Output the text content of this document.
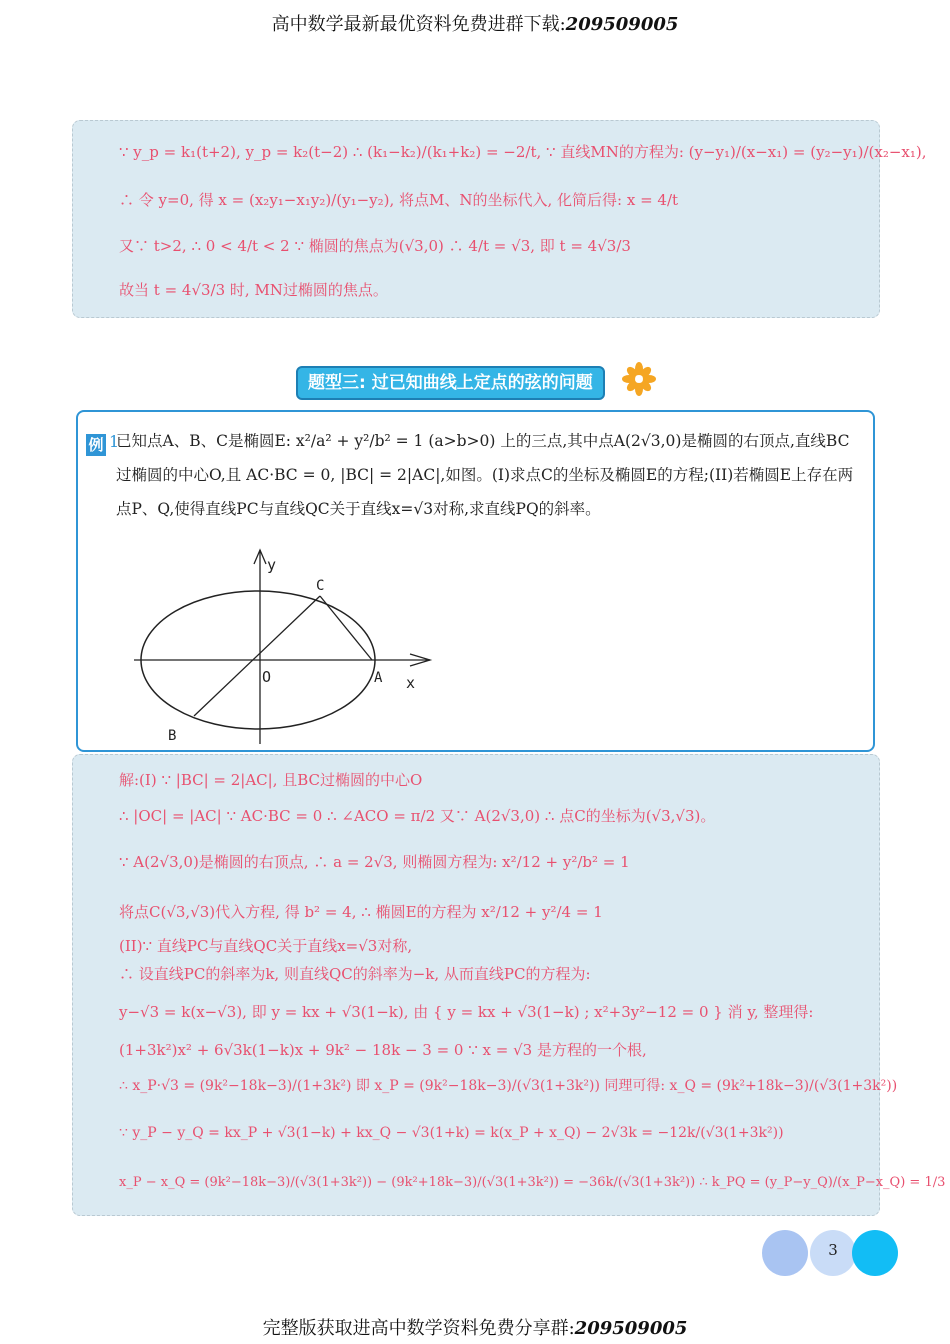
高中数学最新最优资料免费进群下载:209509005
∵ y_p = k₁(t+2), y_p = k₂(t−2) ∴ (k₁−k₂)/(k₁+k₂) = −2/t, ∵ 直线MN的方程为: (y−y₁)/(x−x₁) = (y₂−y₁)/(x₂−x₁),
∴ 令 y=0, 得 x = (x₂y₁−x₁y₂)/(y₁−y₂), 将点M、N的坐标代入, 化简后得: x = 4/t
又∵ t>2, ∴ 0 < 4/t < 2 ∵ 椭圆的焦点为(√3,0) ∴ 4/t = √3, 即 t = 4√3/3
故当 t = 4√3/3 时, MN过椭圆的焦点。
题型三: 过已知曲线上定点的弦的问题
例 1
已知点A、B、C是椭圆E: x²/a² + y²/b² = 1 (a>b>0) 上的三点,其中点A(2√3,0)是椭圆的右顶点,直线BC过椭圆的中心O,且 AC·BC = 0, |BC| = 2|AC|,如图。(I)求点C的坐标及椭圆E的方程;(II)若椭圆E上存在两点P、Q,使得直线PC与直线QC关于直线x=√3对称,求直线PQ的斜率。
y
C
O	A x
B
解:(I) ∵ |BC| = 2|AC|, 且BC过椭圆的中心O
∴ |OC| = |AC| ∵ AC·BC = 0 ∴ ∠ACO = π/2 又∵ A(2√3,0) ∴ 点C的坐标为(√3,√3)。
∵ A(2√3,0)是椭圆的右顶点, ∴ a = 2√3, 则椭圆方程为: x²/12 + y²/b² = 1
将点C(√3,√3)代入方程, 得 b² = 4, ∴ 椭圆E的方程为 x²/12 + y²/4 = 1
(II)∵ 直线PC与直线QC关于直线x=√3对称,
∴ 设直线PC的斜率为k, 则直线QC的斜率为−k, 从而直线PC的方程为:
y−√3 = k(x−√3), 即 y = kx + √3(1−k), 由 { y = kx + √3(1−k) ; x²+3y²−12 = 0 } 消 y, 整理得:
(1+3k²)x² + 6√3k(1−k)x + 9k² − 18k − 3 = 0 ∵ x = √3 是方程的一个根,
∴ x_P·√3 = (9k²−18k−3)/(1+3k²) 即 x_P = (9k²−18k−3)/(√3(1+3k²)) 同理可得: x_Q = (9k²+18k−3)/(√3(1+3k²))
∵ y_P − y_Q = kx_P + √3(1−k) + kx_Q − √3(1+k) = k(x_P + x_Q) − 2√3k = −12k/(√3(1+3k²))
x_P − x_Q = (9k²−18k−3)/(√3(1+3k²)) − (9k²+18k−3)/(√3(1+3k²)) = −36k/(√3(1+3k²)) ∴ k_PQ = (y_P−y_Q)/(x_P−x_Q) = 1/3
3
完整版获取进高中数学资料免费分享群:209509005
